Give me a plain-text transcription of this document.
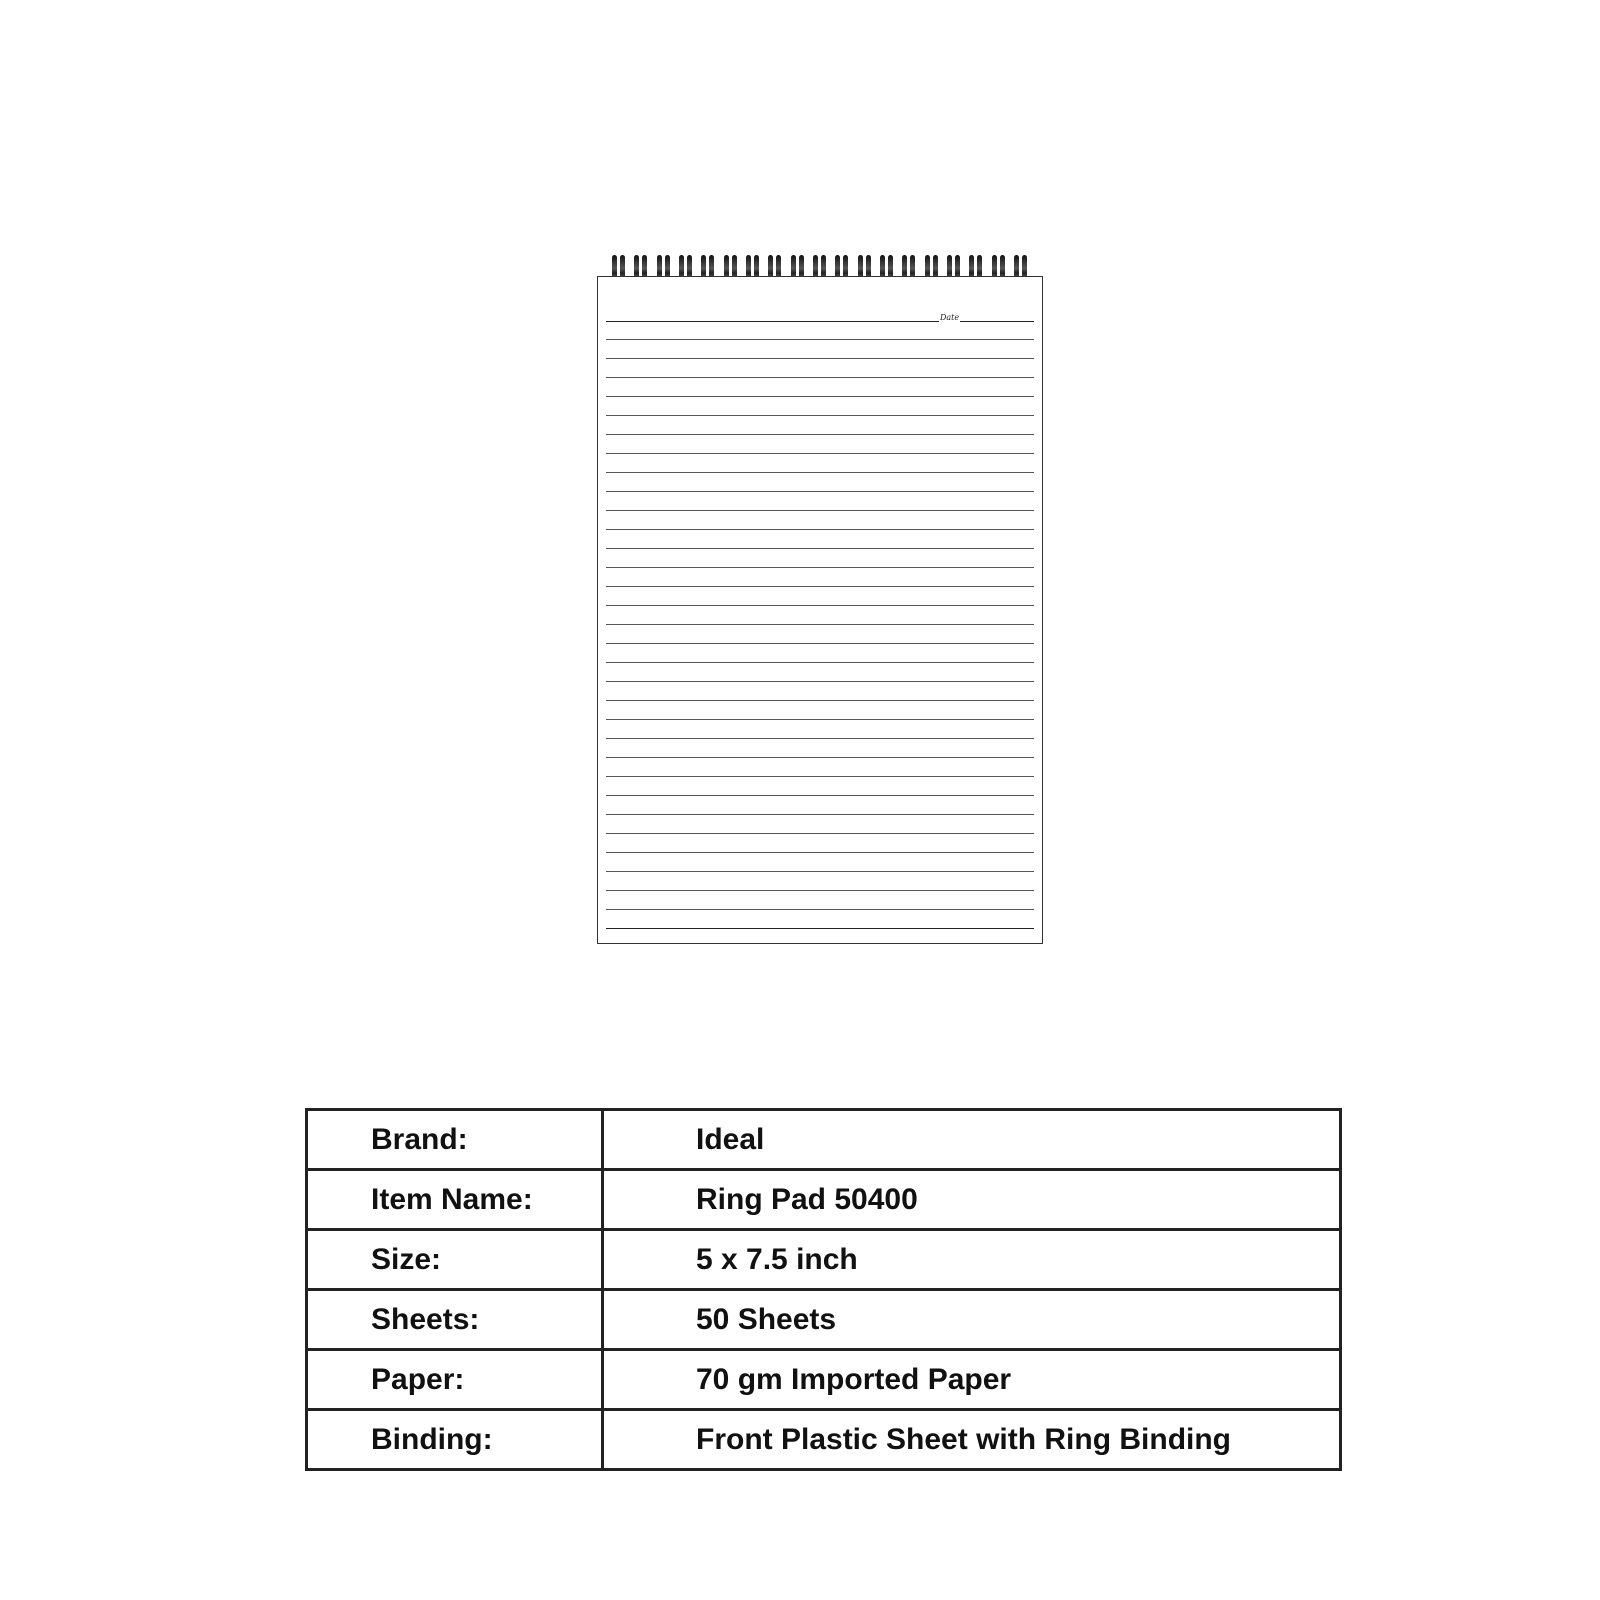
Date
Brand:	Ideal
Item Name:	Ring Pad 50400
Size:	5 x 7.5 inch
Sheets:	50 Sheets
Paper:	70 gm Imported Paper
Binding:	Front Plastic Sheet with Ring Binding
